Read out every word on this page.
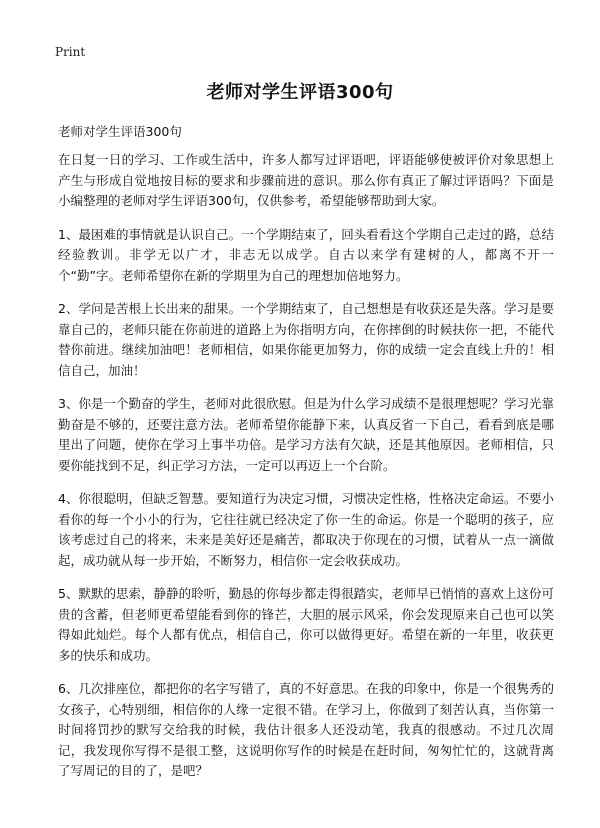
Print
老师对学生评语300句
老师对学生评语300句

在日复一日的学习、工作或生活中，许多人都写过评语吧，评语能够使被评价对象思想上产生与形成自觉地按目标的要求和步骤前进的意识。那么你有真正了解过评语吗？下面是小编整理的老师对学生评语300句，仅供参考，希望能够帮助到大家。

1、最困难的事情就是认识自己。一个学期结束了，回头看看这个学期自己走过的路，总结经验教训。非学无以广才，非志无以成学。自古以来学有建树的人，都离不开一个“勤”字。老师希望你在新的学期里为自己的理想加倍地努力。

2、学问是苦根上长出来的甜果。一个学期结束了，自己想想是有收获还是失落。学习是要靠自己的，老师只能在你前进的道路上为你指明方向，在你摔倒的时候扶你一把，不能代替你前进。继续加油吧！老师相信，如果你能更加努力，你的成绩一定会直线上升的！相信自己，加油！

3、你是一个勤奋的学生，老师对此很欣慰。但是为什么学习成绩不是很理想呢？学习光靠勤奋是不够的，还要注意方法。老师希望你能静下来，认真反省一下自己，看看到底是哪里出了问题，使你在学习上事半功倍。是学习方法有欠缺，还是其他原因。老师相信，只要你能找到不足，纠正学习方法，一定可以再迈上一个台阶。

4、你很聪明，但缺乏智慧。要知道行为决定习惯，习惯决定性格，性格决定命运。不要小看你的每一个小小的行为，它往往就已经决定了你一生的命运。你是一个聪明的孩子，应该考虑过自己的将来，未来是美好还是痛苦，都取决于你现在的习惯，试着从一点一滴做起，成功就从每一步开始，不断努力，相信你一定会收获成功。

5、默默的思索，静静的聆听，勤恳的你每步都走得很踏实，老师早已悄悄的喜欢上这份可贵的含蓄，但老师更希望能看到你的锋芒，大胆的展示风采，你会发现原来自己也可以笑得如此灿烂。每个人都有优点，相信自己，你可以做得更好。希望在新的一年里，收获更多的快乐和成功。

6、几次排座位，都把你的名字写错了，真的不好意思。在我的印象中，你是一个很隽秀的女孩子，心特别细，相信你的人缘一定很不错。在学习上，你做到了刻苦认真，当你第一时间将罚抄的默写交给我的时候，我估计很多人还没动笔，我真的很感动。不过几次周记，我发现你写得不是很工整，这说明你写作的时候是在赶时间，匆匆忙忙的，这就背离了写周记的目的了，是吧？
